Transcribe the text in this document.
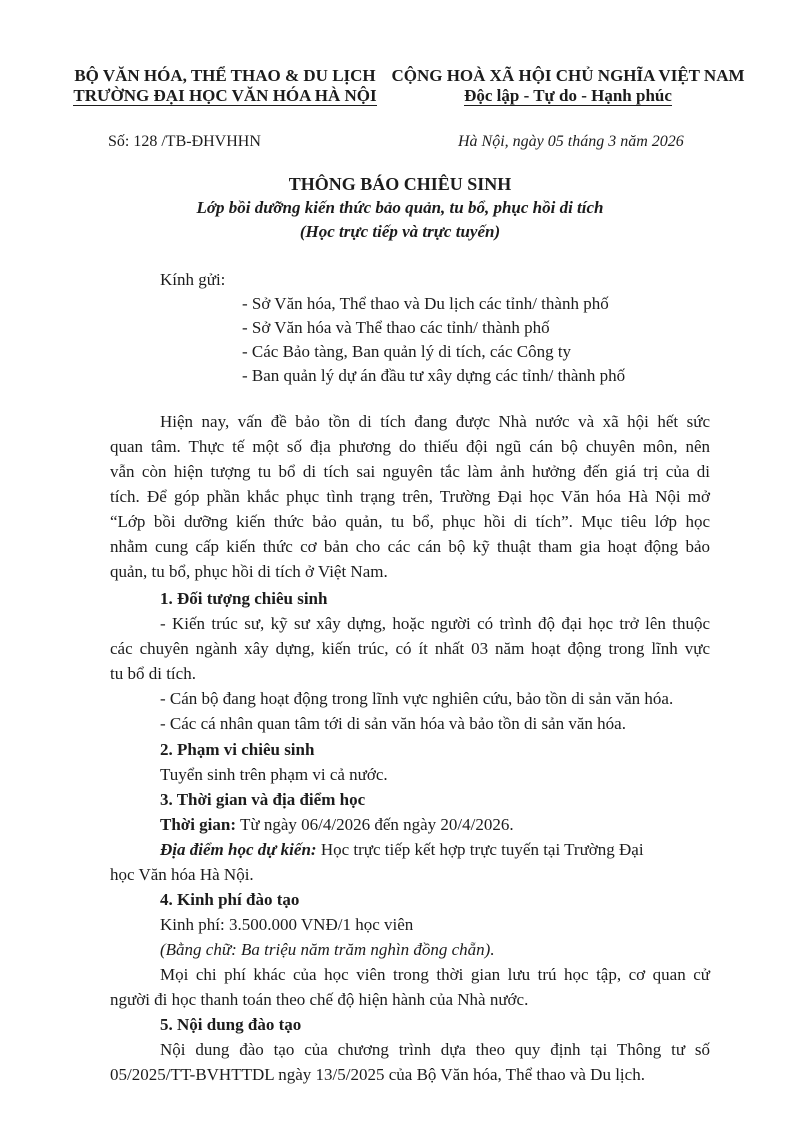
BỘ VĂN HÓA, THỂ THAO & DU LỊCH
TRƯỜNG ĐẠI HỌC VĂN HÓA HÀ NỘI
CỘNG HOÀ XÃ HỘI CHỦ NGHĨA VIỆT NAM
Độc lập - Tự do - Hạnh phúc
Số: 128 /TB-ĐHVHHN	Hà Nội, ngày 05 tháng 3 năm 2026
THÔNG BÁO CHIÊU SINH
Lớp bồi dưỡng kiến thức bảo quản, tu bổ, phục hồi di tích
(Học trực tiếp và trực tuyến)
Kính gửi:
- Sở Văn hóa, Thể thao và Du lịch các tỉnh/ thành phố
- Sở Văn hóa và Thể thao các tỉnh/ thành phố
- Các Bảo tàng, Ban quản lý di tích, các Công ty
- Ban quản lý dự án đầu tư xây dựng các tỉnh/ thành phố
Hiện nay, vấn đề bảo tồn di tích đang được Nhà nước và xã hội hết sức
quan tâm. Thực tế một số địa phương do thiếu đội ngũ cán bộ chuyên môn, nên
vẫn còn hiện tượng tu bổ di tích sai nguyên tắc làm ảnh hưởng đến giá trị của di
tích. Để góp phần khắc phục tình trạng trên, Trường Đại học Văn hóa Hà Nội mở
“Lớp bồi dưỡng kiến thức bảo quản, tu bổ, phục hồi di tích”. Mục tiêu lớp học
nhằm cung cấp kiến thức cơ bản cho các cán bộ kỹ thuật tham gia hoạt động bảo
quản, tu bổ, phục hồi di tích ở Việt Nam.
1. Đối tượng chiêu sinh
- Kiến trúc sư, kỹ sư xây dựng, hoặc người có trình độ đại học trở lên thuộc
các chuyên ngành xây dựng, kiến trúc, có ít nhất 03 năm hoạt động trong lĩnh vực
tu bổ di tích.
- Cán bộ đang hoạt động trong lĩnh vực nghiên cứu, bảo tồn di sản văn hóa.
- Các cá nhân quan tâm tới di sản văn hóa và bảo tồn di sản văn hóa.
2. Phạm vi chiêu sinh
Tuyển sinh trên phạm vi cả nước.
3. Thời gian và địa điểm học
Thời gian: Từ ngày 06/4/2026 đến ngày 20/4/2026.
Địa điểm học dự kiến: Học trực tiếp kết hợp trực tuyến tại Trường Đại
học Văn hóa Hà Nội.
4. Kinh phí đào tạo
Kinh phí: 3.500.000 VNĐ/1 học viên
(Bằng chữ: Ba triệu năm trăm nghìn đồng chẵn).
Mọi chi phí khác của học viên trong thời gian lưu trú học tập, cơ quan cử
người đi học thanh toán theo chế độ hiện hành của Nhà nước.
5. Nội dung đào tạo
Nội dung đào tạo của chương trình dựa theo quy định tại Thông tư số
05/2025/TT-BVHTTDL ngày 13/5/2025 của Bộ Văn hóa, Thể thao và Du lịch.
